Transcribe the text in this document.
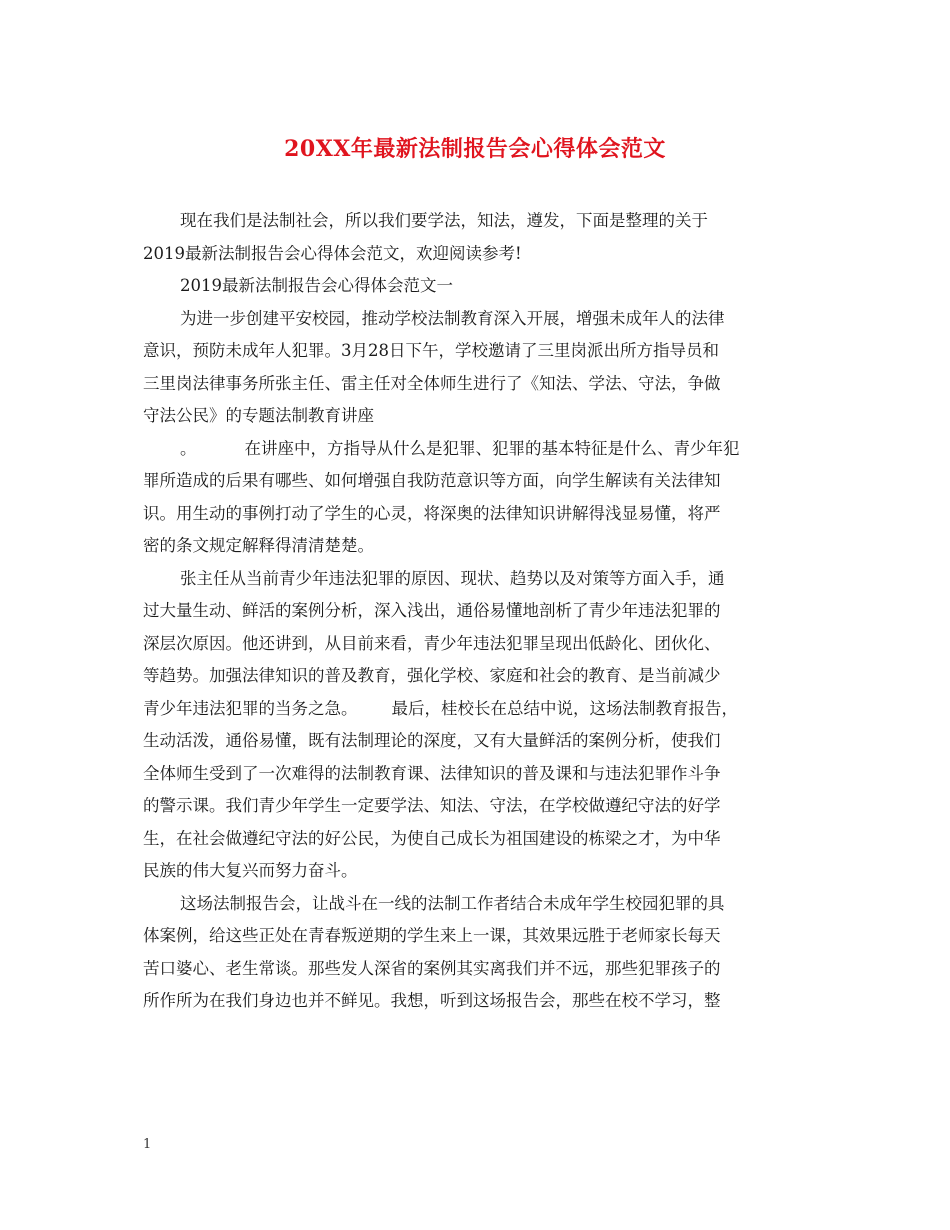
20XX年最新法制报告会心得体会范文
现在我们是法制社会，所以我们要学法，知法，遵发，下面是整理的关于
2019最新法制报告会心得体会范文，欢迎阅读参考!
2019最新法制报告会心得体会范文一
为进一步创建平安校园，推动学校法制教育深入开展，增强未成年人的法律
意识，预防未成年人犯罪。3月28日下午，学校邀请了三里岗派出所方指导员和
三里岗法律事务所张主任、雷主任对全体师生进行了《知法、学法、守法，争做
守法公民》的专题法制教育讲座
。	在讲座中，方指导从什么是犯罪、犯罪的基本特征是什么、青少年犯
罪所造成的后果有哪些、如何增强自我防范意识等方面，向学生解读有关法律知
识。用生动的事例打动了学生的心灵，将深奥的法律知识讲解得浅显易懂，将严
密的条文规定解释得清清楚楚。
张主任从当前青少年违法犯罪的原因、现状、趋势以及对策等方面入手，通
过大量生动、鲜活的案例分析，深入浅出，通俗易懂地剖析了青少年违法犯罪的
深层次原因。他还讲到，从目前来看，青少年违法犯罪呈现出低龄化、团伙化、
等趋势。加强法律知识的普及教育，强化学校、家庭和社会的教育、是当前减少
青少年违法犯罪的当务之急。 最后，桂校长在总结中说，这场法制教育报告，
生动活泼，通俗易懂，既有法制理论的深度，又有大量鲜活的案例分析，使我们
全体师生受到了一次难得的法制教育课、法律知识的普及课和与违法犯罪作斗争
的警示课。我们青少年学生一定要学法、知法、守法，在学校做遵纪守法的好学
生，在社会做遵纪守法的好公民，为使自己成长为祖国建设的栋梁之才，为中华
民族的伟大复兴而努力奋斗。
这场法制报告会，让战斗在一线的法制工作者结合未成年学生校园犯罪的具
体案例，给这些正处在青春叛逆期的学生来上一课，其效果远胜于老师家长每天
苦口婆心、老生常谈。那些发人深省的案例其实离我们并不远，那些犯罪孩子的
所作所为在我们身边也并不鲜见。我想，听到这场报告会，那些在校不学习，整
1
